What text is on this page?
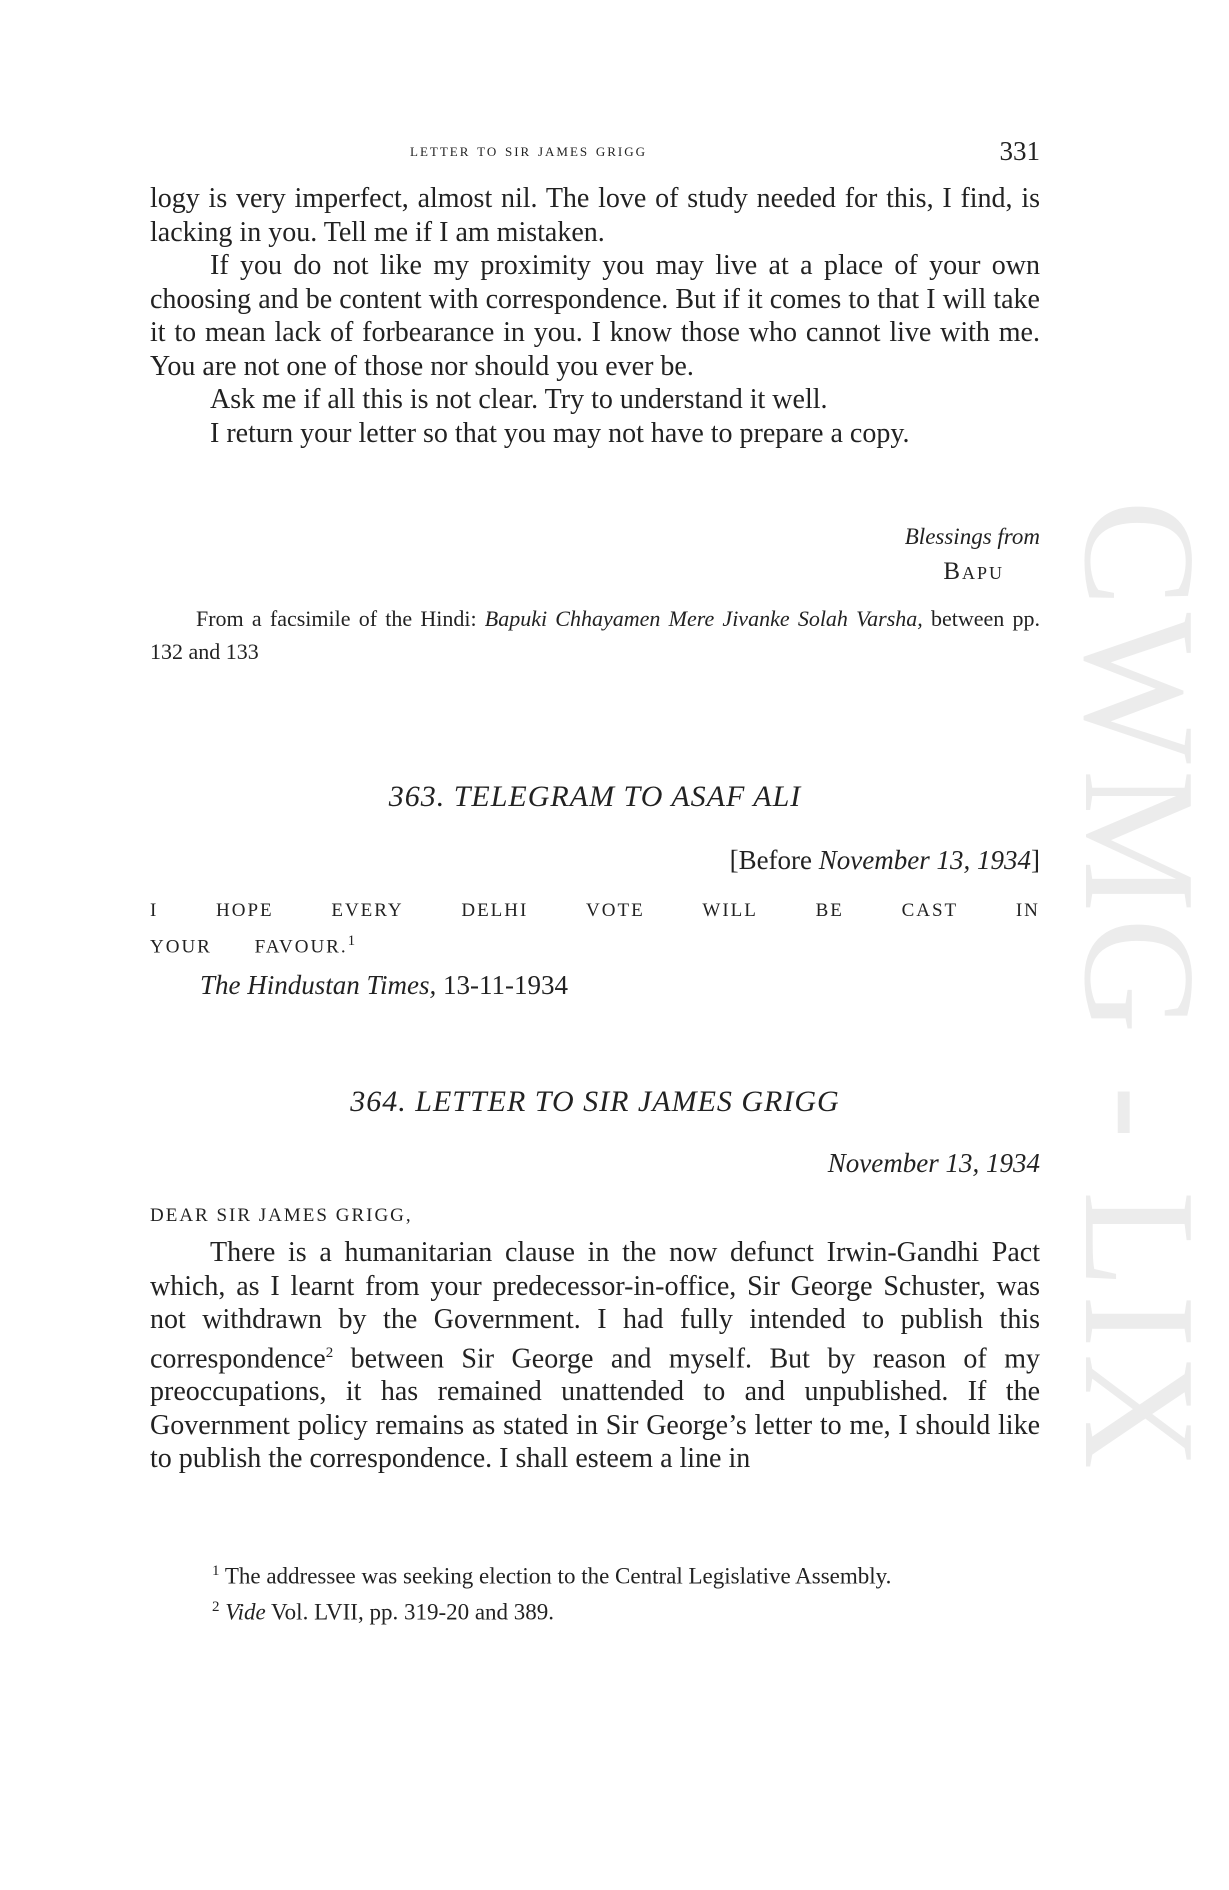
CWMG - LIX
letter to sir james grigg	331

logy is very imperfect, almost nil. The love of study needed for this, I find, is lacking in you. Tell me if I am mistaken.

If you do not like my proximity you may live at a place of your own choosing and be content with correspondence. But if it comes to that I will take it to mean lack of forbearance in you. I know those who cannot live with me. You are not one of those nor should you ever be.

Ask me if all this is not clear. Try to understand it well.

I return your letter so that you may not have to prepare a copy.

Blessings from
Bapu

From a facsimile of the Hindi: Bapuki Chhayamen Mere Jivanke Solah Varsha, between pp. 132 and 133

363. TELEGRAM TO ASAF ALI
[Before November 13, 1934]
I	HOPE	EVERY	DELHI	VOTE	WILL	BE	CAST	IN
YOUR FAVOUR.$^1$
The Hindustan Times, 13-11-1934
364. LETTER TO SIR JAMES GRIGG
November 13, 1934
DEAR SIR JAMES GRIGG,

There is a humanitarian clause in the now defunct Irwin-Gandhi Pact which, as I learnt from your predecessor-in-office, Sir George Schuster, was not withdrawn by the Government. I had fully intended to publish this correspondence$^2$ between Sir George and myself. But by reason of my preoccupations, it has remained unattended to and unpublished. If the Government policy remains as stated in Sir George’s letter to me, I should like to publish the correspondence. I shall esteem a line in

$^1$ The addressee was seeking election to the Central Legislative Assembly.
$^2$ Vide Vol. LVII, pp. 319-20 and 389.
